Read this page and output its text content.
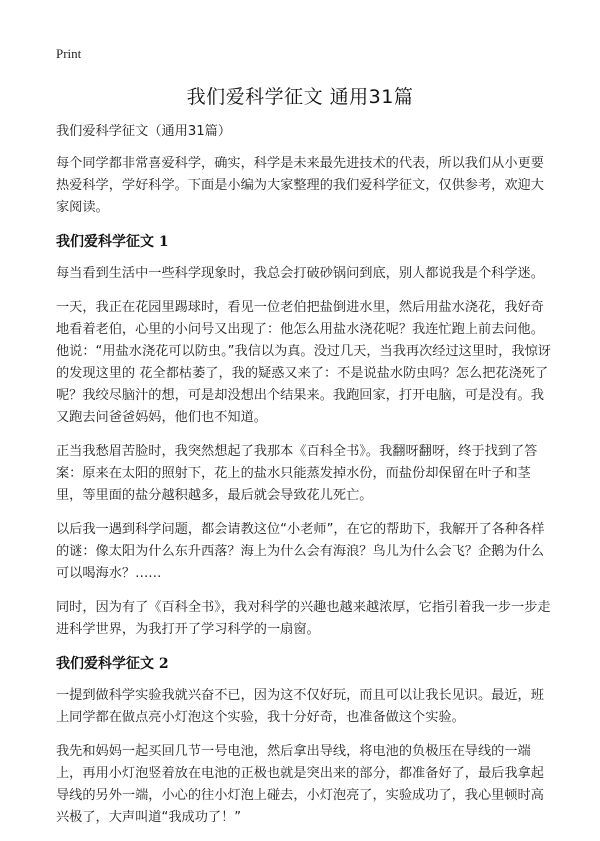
Print
我们爱科学征文 通用31篇

我们爱科学征文（通用31篇）

每个同学都非常喜爱科学，确实，科学是未来最先进技术的代表，所以我们从小更要热爱科学，学好科学。下面是小编为大家整理的我们爱科学征文，仅供参考，欢迎大家阅读。

我们爱科学征文 1

每当看到生活中一些科学现象时，我总会打破砂锅问到底，别人都说我是个科学迷。

一天，我正在花园里踢球时，看见一位老伯把盐倒进水里，然后用盐水浇花，我好奇地看着老伯，心里的小问号又出现了：他怎么用盐水浇花呢？我连忙跑上前去问他。他说：“用盐水浇花可以防虫。”我信以为真。没过几天，当我再次经过这里时，我惊讶的发现这里的 花全都枯萎了，我的疑惑又来了：不是说盐水防虫吗？怎么把花浇死了呢？我绞尽脑汁的想，可是却没想出个结果来。我跑回家，打开电脑，可是没有。我又跑去问爸爸妈妈，他们也不知道。

正当我愁眉苦脸时，我突然想起了我那本《百科全书》。我翻呀翻呀，终于找到了答案：原来在太阳的照射下，花上的盐水只能蒸发掉水份，而盐份却保留在叶子和茎里，等里面的盐分越积越多，最后就会导致花儿死亡。

以后我一遇到科学问题，都会请教这位“小老师”，在它的帮助下，我解开了各种各样的谜：像太阳为什么东升西落？海上为什么会有海浪？鸟儿为什么会飞？企鹅为什么可以喝海水？……

同时，因为有了《百科全书》，我对科学的兴趣也越来越浓厚，它指引着我一步一步走进科学世界，为我打开了学习科学的一扇窗。

我们爱科学征文 2

一提到做科学实验我就兴奋不已，因为这不仅好玩，而且可以让我长见识。最近，班上同学都在做点亮小灯泡这个实验，我十分好奇，也准备做这个实验。

我先和妈妈一起买回几节一号电池，然后拿出导线，将电池的负极压在导线的一端上，再用小灯泡竖着放在电池的正极也就是突出来的部分，都准备好了，最后我拿起导线的另外一端，小心的往小灯泡上碰去，小灯泡亮了，实验成功了，我心里顿时高兴极了，大声叫道“我成功了！”
